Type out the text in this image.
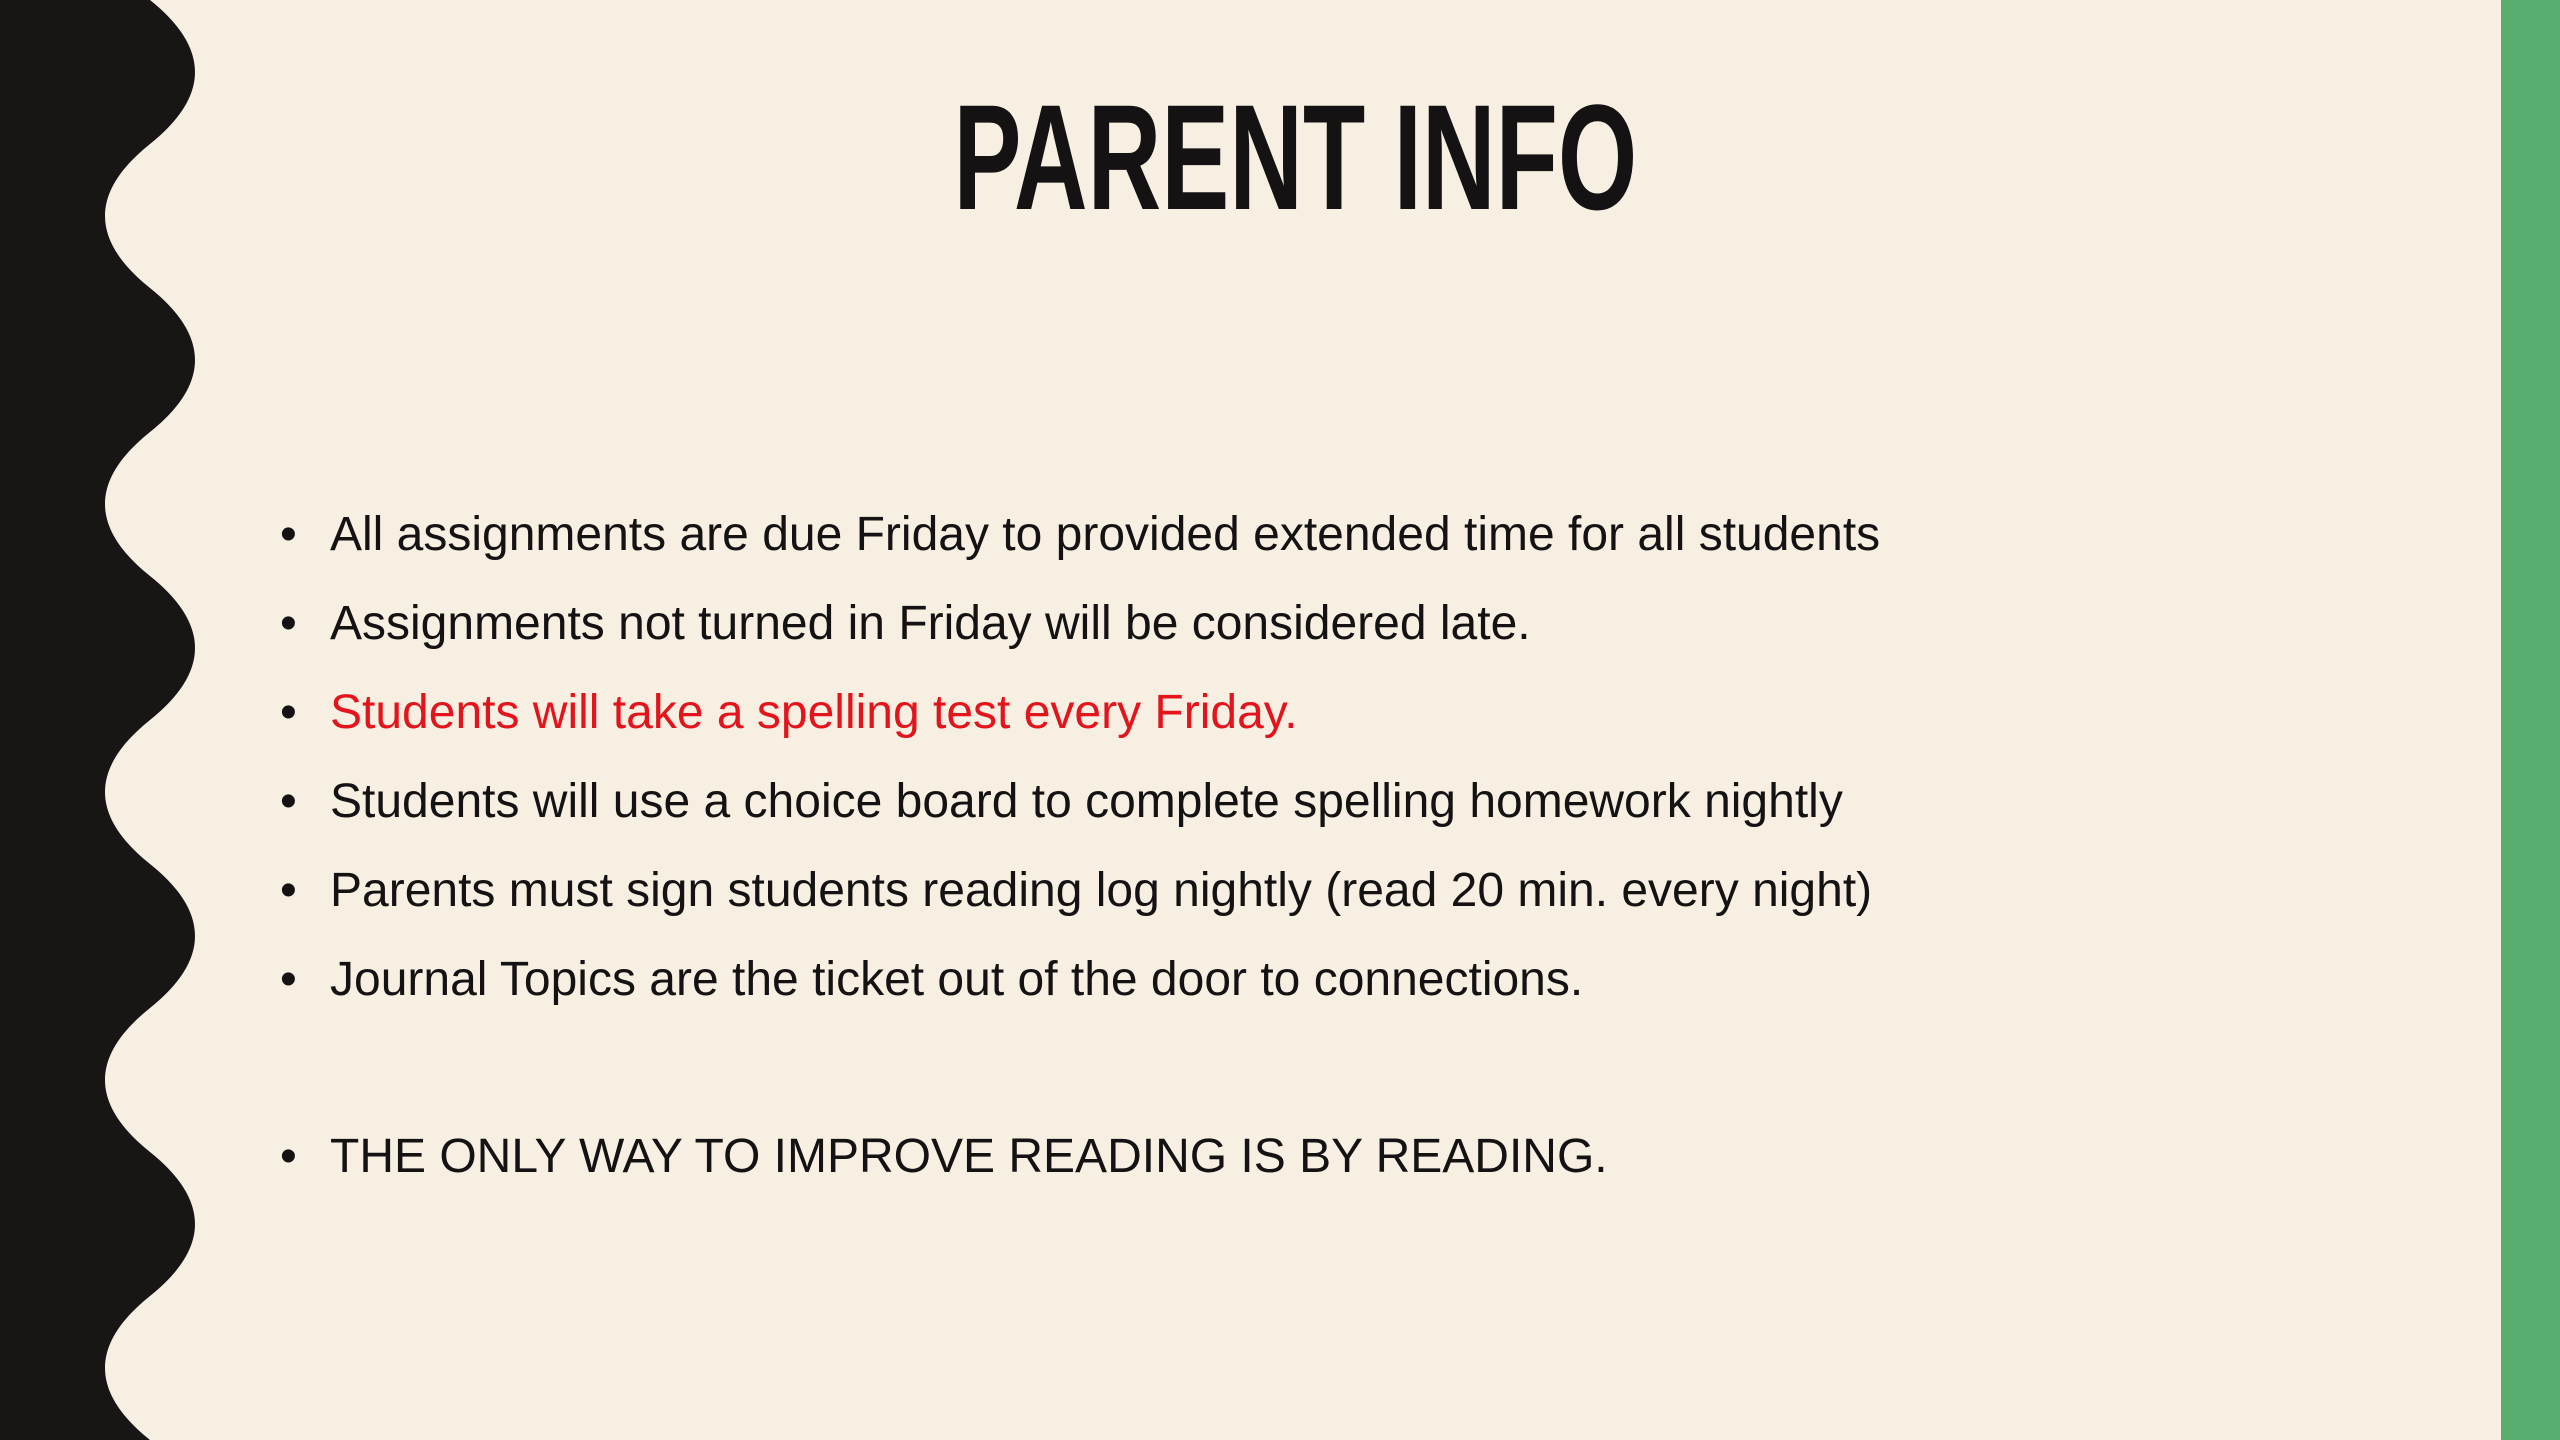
PARENT INFO
• All assignments are due Friday to provided extended time for all students
• Assignments not turned in Friday will be considered late.
• Students will take a spelling test every Friday.
• Students will use a choice board to complete spelling homework nightly
• Parents must sign students reading log nightly (read 20 min. every night)
• Journal Topics are the ticket out of the door to connections.
• THE ONLY WAY TO IMPROVE READING IS BY READING.
